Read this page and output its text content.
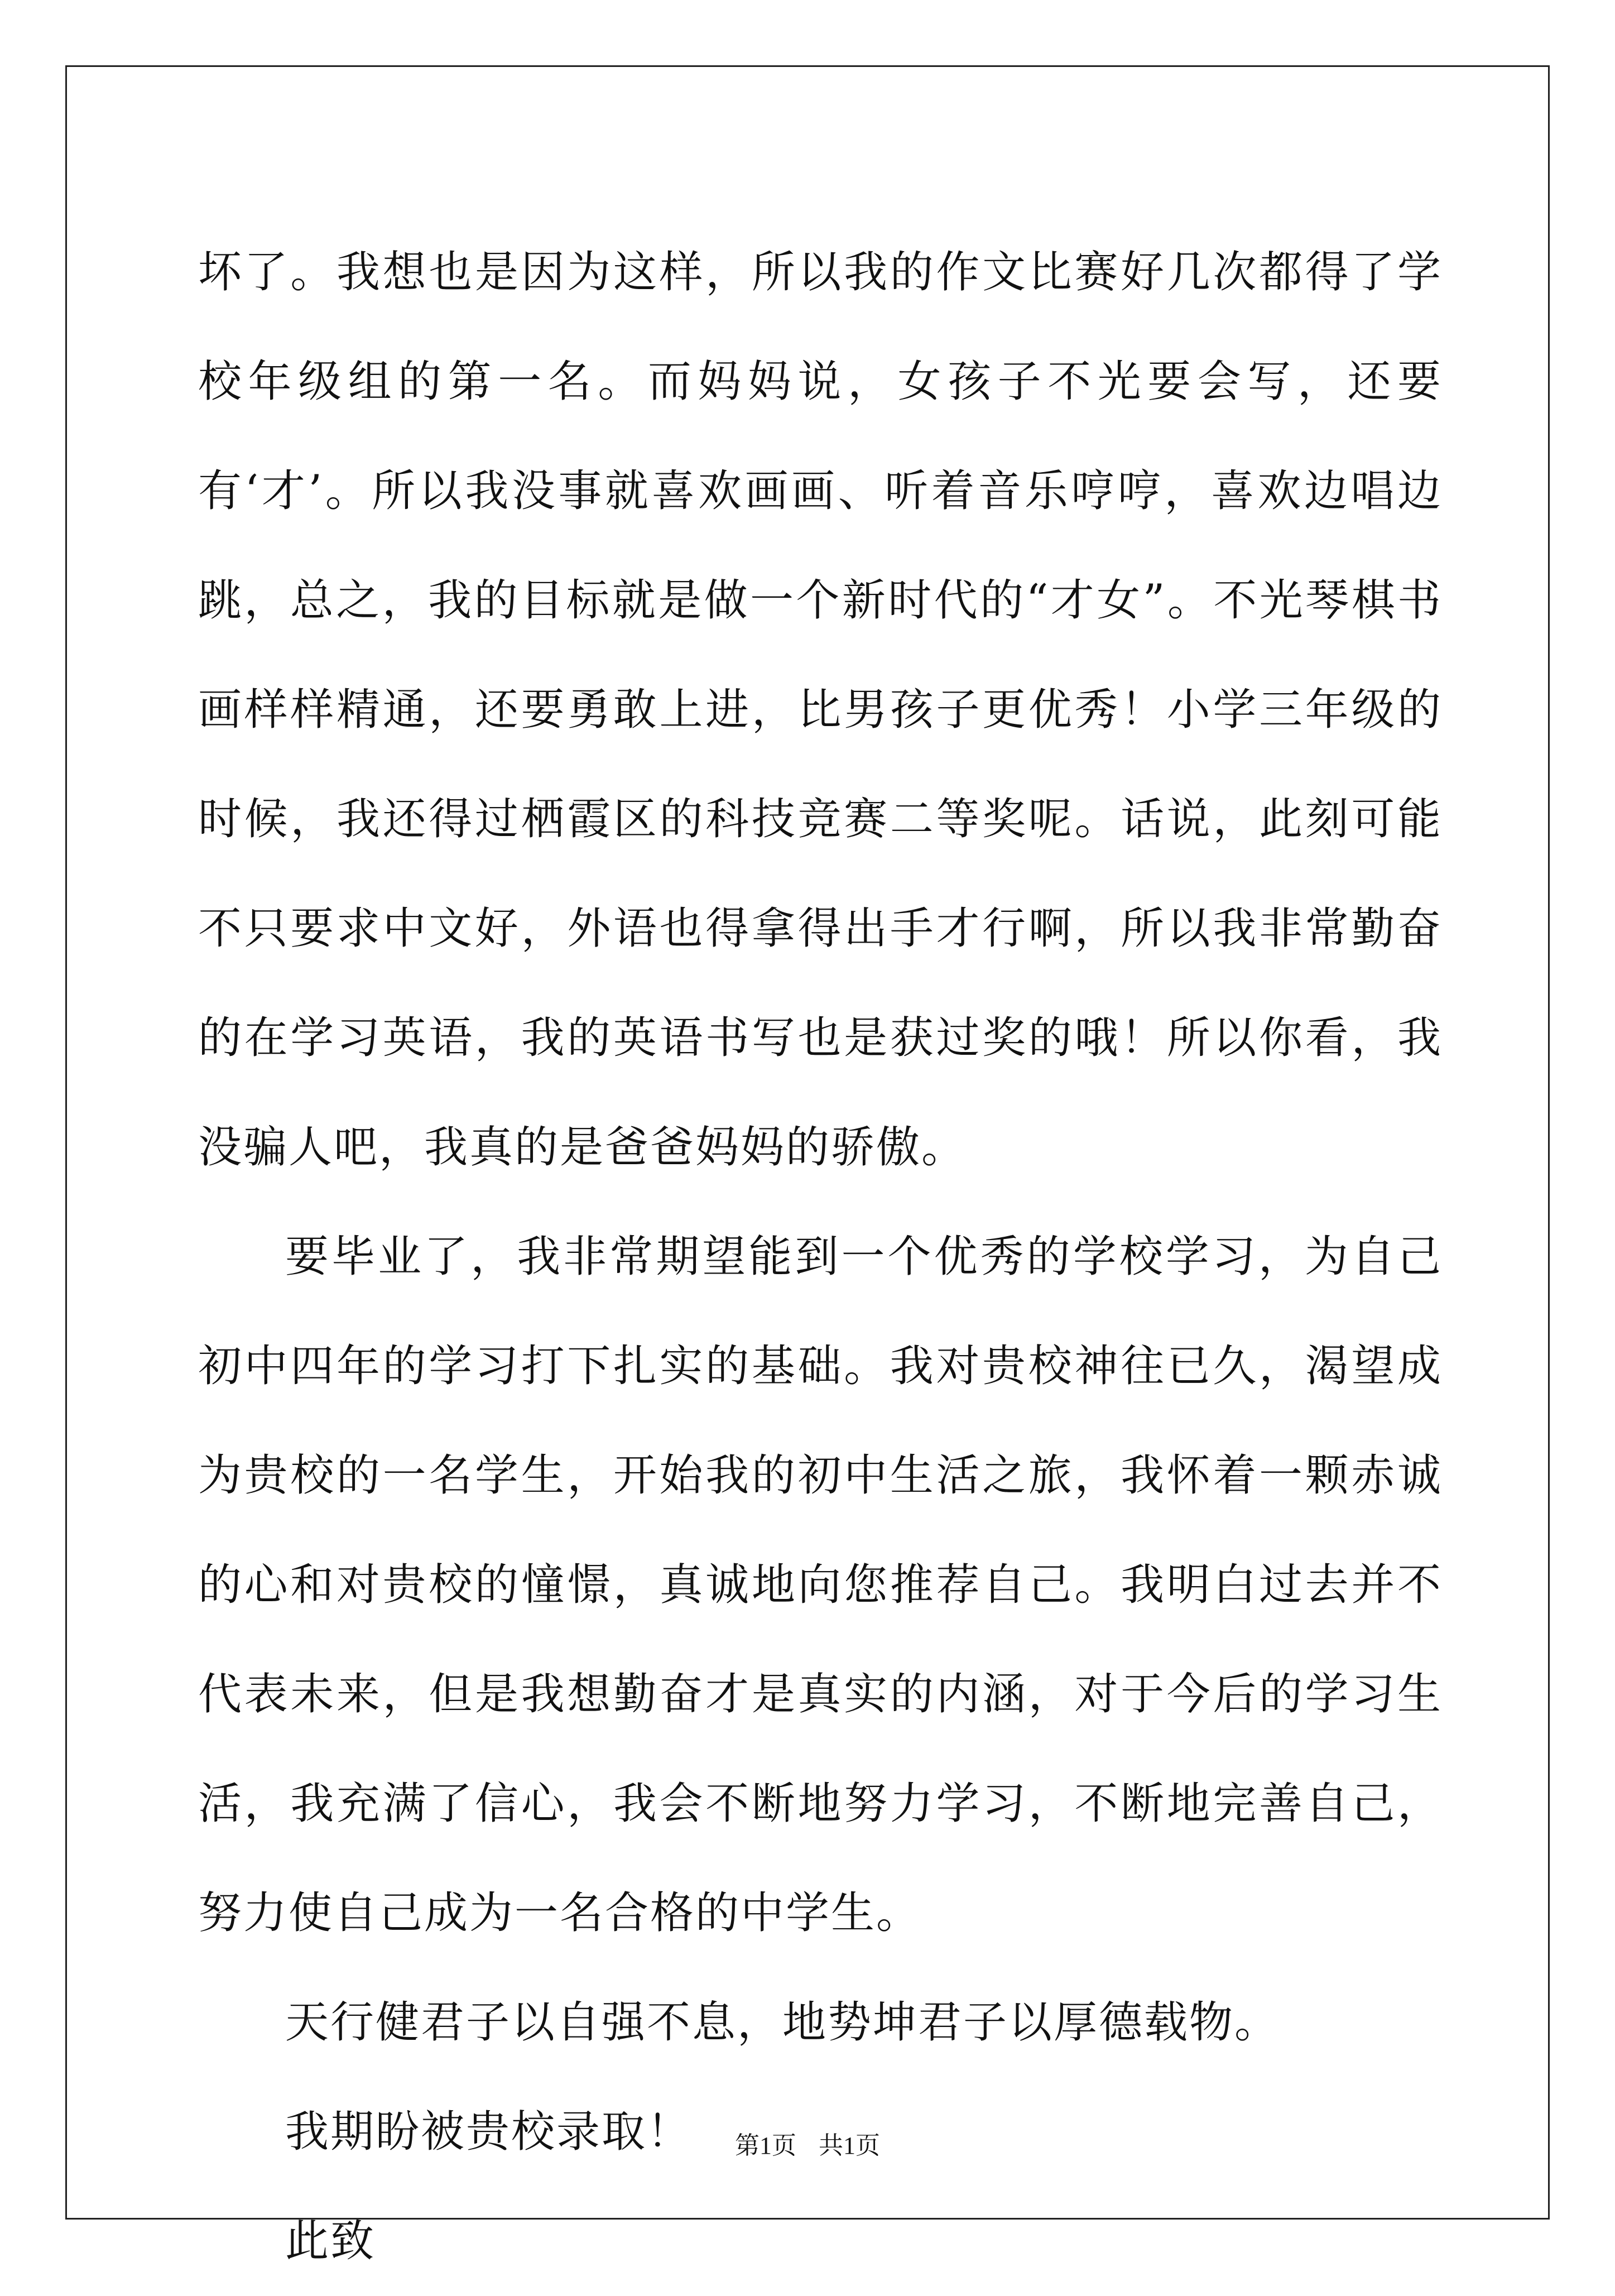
坏了。我想也是因为这样，所以我的作文比赛好几次都得了学校年级组的第一名。而妈妈说，女孩子不光要会写，还要有‘才’。所以我没事就喜欢画画、听着音乐哼哼，喜欢边唱边跳，总之，我的目标就是做一个新时代的“才女”。不光琴棋书画样样精通，还要勇敢上进，比男孩子更优秀！小学三年级的时候，我还得过栖霞区的科技竞赛二等奖呢。话说，此刻可能不只要求中文好，外语也得拿得出手才行啊，所以我非常勤奋的在学习英语，我的英语书写也是获过奖的哦！所以你看，我没骗人吧，我真的是爸爸妈妈的骄傲。

要毕业了，我非常期望能到一个优秀的学校学习，为自己初中四年的学习打下扎实的基础。我对贵校神往已久，渴望成为贵校的一名学生，开始我的初中生活之旅，我怀着一颗赤诚的心和对贵校的憧憬，真诚地向您推荐自己。我明白过去并不代表未来，但是我想勤奋才是真实的内涵，对于今后的学习生活，我充满了信心，我会不断地努力学习，不断地完善自己，努力使自己成为一名合格的中学生。

天行健君子以自强不息，地势坤君子以厚德载物。

我期盼被贵校录取！

此致

第1页 共1页
